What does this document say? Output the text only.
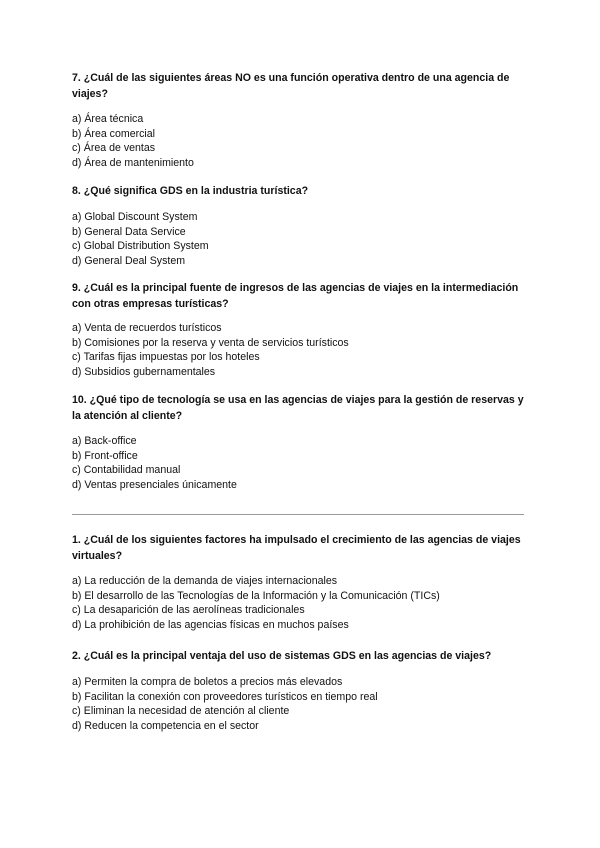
7. ¿Cuál de las siguientes áreas NO es una función operativa dentro de una agencia de viajes?

a) Área técnica
b) Área comercial
c) Área de ventas
d) Área de mantenimiento

8. ¿Qué significa GDS en la industria turística?

a) Global Discount System
b) General Data Service
c) Global Distribution System
d) General Deal System

9. ¿Cuál es la principal fuente de ingresos de las agencias de viajes en la intermediación con otras empresas turísticas?

a) Venta de recuerdos turísticos
b) Comisiones por la reserva y venta de servicios turísticos
c) Tarifas fijas impuestas por los hoteles
d) Subsidios gubernamentales

10. ¿Qué tipo de tecnología se usa en las agencias de viajes para la gestión de reservas y la atención al cliente?

a) Back-office
b) Front-office
c) Contabilidad manual
d) Ventas presenciales únicamente

1. ¿Cuál de los siguientes factores ha impulsado el crecimiento de las agencias de viajes virtuales?

a) La reducción de la demanda de viajes internacionales
b) El desarrollo de las Tecnologías de la Información y la Comunicación (TICs)
c) La desaparición de las aerolíneas tradicionales
d) La prohibición de las agencias físicas en muchos países

2. ¿Cuál es la principal ventaja del uso de sistemas GDS en las agencias de viajes?

a) Permiten la compra de boletos a precios más elevados
b) Facilitan la conexión con proveedores turísticos en tiempo real
c) Eliminan la necesidad de atención al cliente
d) Reducen la competencia en el sector
